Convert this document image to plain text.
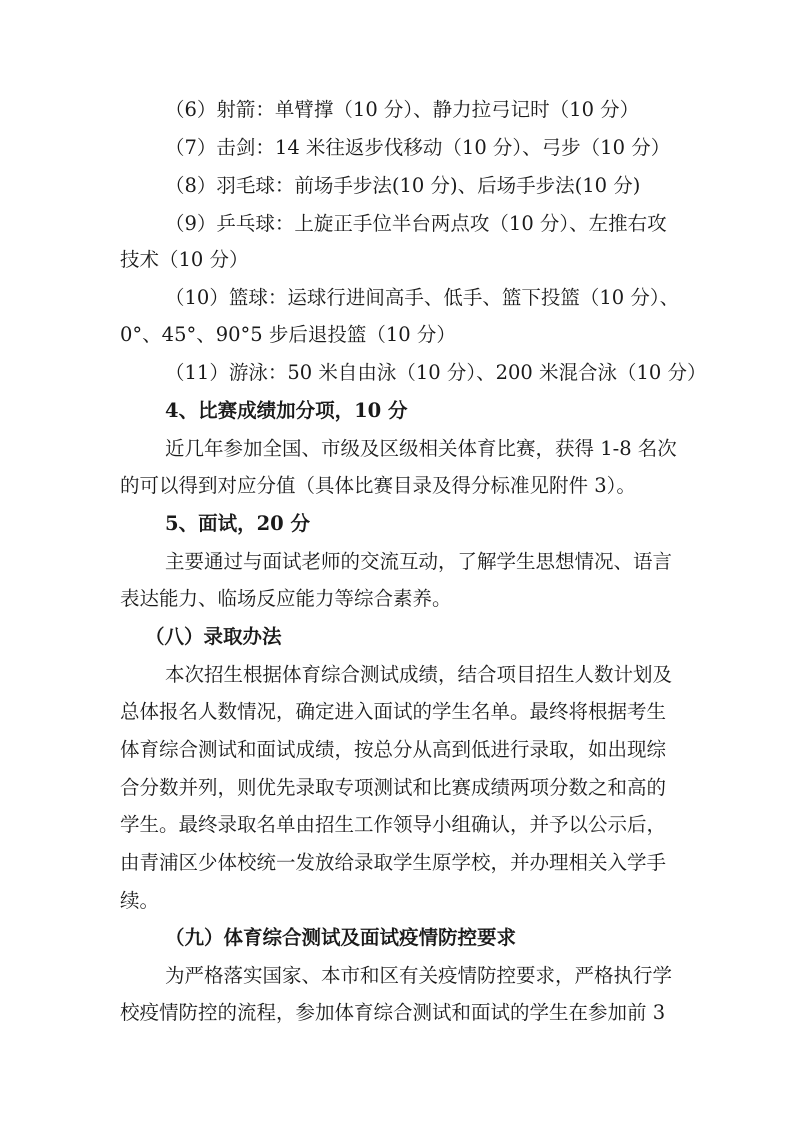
（6）射箭：单臂撑（10 分）、静力拉弓记时（10 分）
（7）击剑：14 米往返步伐移动（10 分）、弓步（10 分）
（8）羽毛球：前场手步法(10 分)、后场手步法(10 分)
（9）乒乓球：上旋正手位半台两点攻（10 分）、左推右攻
技术（10 分）
（10）篮球：运球行进间高手、低手、篮下投篮（10 分）、
0°、45°、90°5 步后退投篮（10 分）
（11）游泳：50 米自由泳（10 分）、200 米混合泳（10 分）
4、比赛成绩加分项，10 分
近几年参加全国、市级及区级相关体育比赛，获得 1-8 名次
的可以得到对应分值（具体比赛目录及得分标准见附件 3）。
5、面试，20 分
主要通过与面试老师的交流互动，了解学生思想情况、语言
表达能力、临场反应能力等综合素养。
（八）录取办法
本次招生根据体育综合测试成绩，结合项目招生人数计划及
总体报名人数情况，确定进入面试的学生名单。最终将根据考生
体育综合测试和面试成绩，按总分从高到低进行录取，如出现综
合分数并列，则优先录取专项测试和比赛成绩两项分数之和高的
学生。最终录取名单由招生工作领导小组确认，并予以公示后，
由青浦区少体校统一发放给录取学生原学校，并办理相关入学手
续。
（九）体育综合测试及面试疫情防控要求
为严格落实国家、本市和区有关疫情防控要求，严格执行学
校疫情防控的流程，参加体育综合测试和面试的学生在参加前 3
